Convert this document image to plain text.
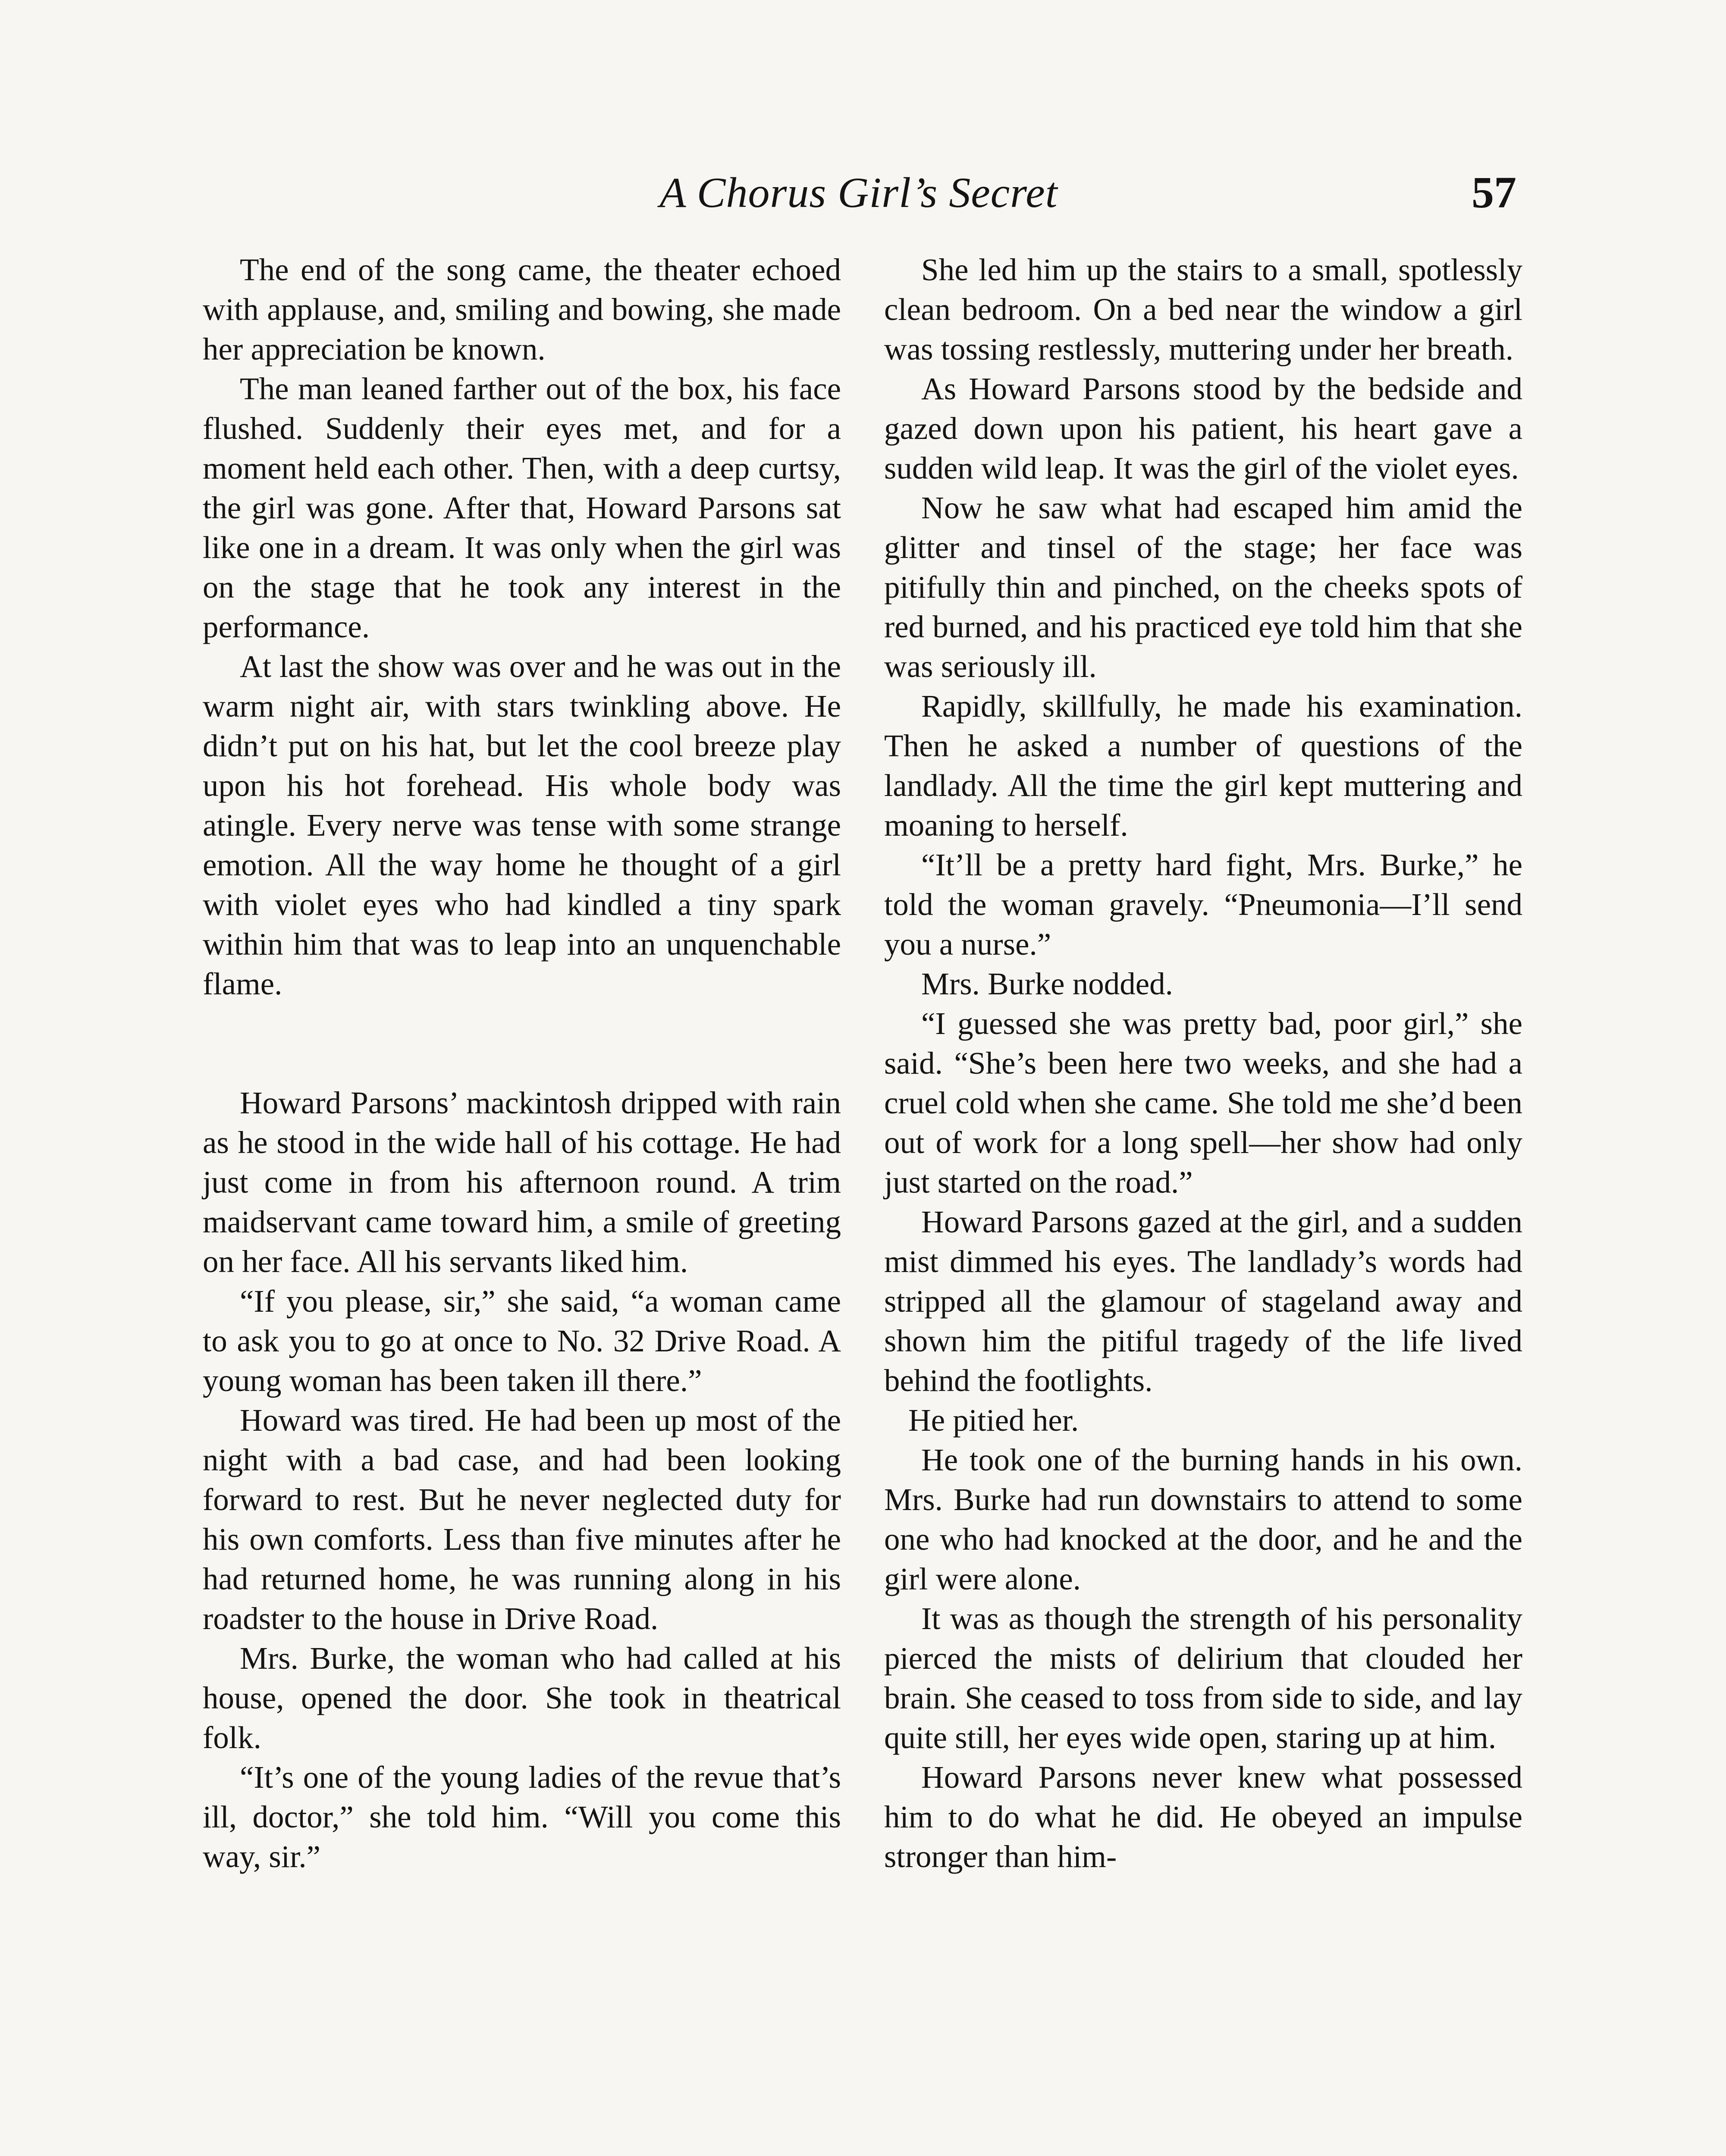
A Chorus Girl’s Secret	57

The end of the song came, the theater echoed with applause, and, smiling and bowing, she made her appreciation be known.

The man leaned farther out of the box, his face flushed. Suddenly their eyes met, and for a moment held each other. Then, with a deep curtsy, the girl was gone. After that, Howard Parsons sat like one in a dream. It was only when the girl was on the stage that he took any interest in the performance.

At last the show was over and he was out in the warm night air, with stars twinkling above. He didn’t put on his hat, but let the cool breeze play upon his hot forehead. His whole body was atingle. Every nerve was tense with some strange emotion. All the way home he thought of a girl with violet eyes who had kindled a tiny spark within him that was to leap into an unquenchable flame.

Howard Parsons’ mackintosh dripped with rain as he stood in the wide hall of his cottage. He had just come in from his afternoon round. A trim maidservant came toward him, a smile of greeting on her face. All his servants liked him.

“If you please, sir,” she said, “a woman came to ask you to go at once to No. 32 Drive Road. A young woman has been taken ill there.”

Howard was tired. He had been up most of the night with a bad case, and had been looking forward to rest. But he never neglected duty for his own comforts. Less than five minutes after he had returned home, he was running along in his roadster to the house in Drive Road.

Mrs. Burke, the woman who had called at his house, opened the door. She took in theatrical folk.

“It’s one of the young ladies of the revue that’s ill, doctor,” she told him. “Will you come this way, sir.”

She led him up the stairs to a small, spotlessly clean bedroom. On a bed near the window a girl was tossing restlessly, muttering under her breath.

As Howard Parsons stood by the bedside and gazed down upon his patient, his heart gave a sudden wild leap. It was the girl of the violet eyes.

Now he saw what had escaped him amid the glitter and tinsel of the stage; her face was pitifully thin and pinched, on the cheeks spots of red burned, and his practiced eye told him that she was seriously ill.

Rapidly, skillfully, he made his examination. Then he asked a number of questions of the landlady. All the time the girl kept muttering and moaning to herself.

“It’ll be a pretty hard fight, Mrs. Burke,” he told the woman gravely. “Pneumonia—I’ll send you a nurse.”

Mrs. Burke nodded.

“I guessed she was pretty bad, poor girl,” she said. “She’s been here two weeks, and she had a cruel cold when she came. She told me she’d been out of work for a long spell—her show had only just started on the road.”

Howard Parsons gazed at the girl, and a sudden mist dimmed his eyes. The landlady’s words had stripped all the glamour of stageland away and shown him the pitiful tragedy of the life lived behind the footlights.

He pitied her.

He took one of the burning hands in his own. Mrs. Burke had run downstairs to attend to some one who had knocked at the door, and he and the girl were alone.

It was as though the strength of his personality pierced the mists of delirium that clouded her brain. She ceased to toss from side to side, and lay quite still, her eyes wide open, staring up at him.

Howard Parsons never knew what possessed him to do what he did. He obeyed an impulse stronger than him-
